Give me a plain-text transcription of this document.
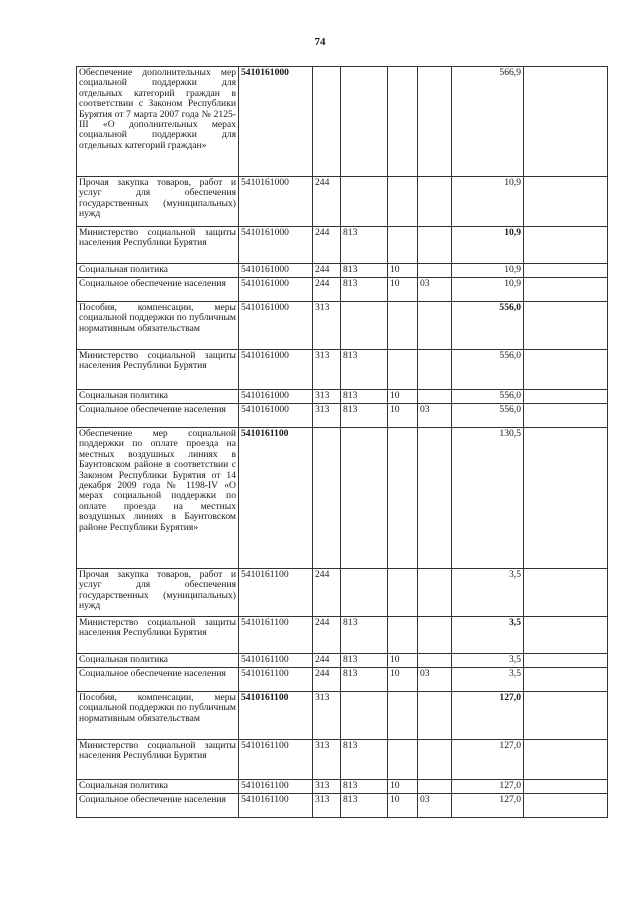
74
Обеспечение дополнительных мер социальной поддержки для отдельных категорий граждан в соответствии с Законом Республики Бурятия от 7 марта 2007 года № 2125-III «О дополнительных мерах социальной поддержки для отдельных категорий граждан»	5410161000					566,9	
Прочая закупка товаров, работ и услуг для обеспечения государственных (муниципальных) нужд	5410161000	244				10,9	
Министерство социальной защиты населения Республики Бурятия	5410161000	244	813			10,9	
Социальная политика	5410161000	244	813	10		10,9	
Социальное обеспечение населения	5410161000	244	813	10	03	10,9	
Пособия, компенсации, меры социальной поддержки по публичным нормативным обязательствам	5410161000	313				556,0	
Министерство социальной защиты населения Республики Бурятия	5410161000	313	813			556,0	
Социальная политика	5410161000	313	813	10		556,0	
Социальное обеспечение населения	5410161000	313	813	10	03	556,0	
Обеспечение мер социальной поддержки по оплате проезда на местных воздушных линиях в Баунтовском районе в соответствии с Законом Республики Бурятия от 14 декабря 2009 года № 1198-IV «О мерах социальной поддержки по оплате проезда на местных воздушных линиях в Баунтовском районе Республики Бурятия»	5410161100					130,5	
Прочая закупка товаров, работ и услуг для обеспечения государственных (муниципальных) нужд	5410161100	244				3,5	
Министерство социальной защиты населения Республики Бурятия	5410161100	244	813			3,5	
Социальная политика	5410161100	244	813	10		3,5	
Социальное обеспечение населения	5410161100	244	813	10	03	3,5	
Пособия, компенсации, меры социальной поддержки по публичным нормативным обязательствам	5410161100	313				127,0	
Министерство социальной защиты населения Республики Бурятия	5410161100	313	813			127,0	
Социальная политика	5410161100	313	813	10		127,0	
Социальное обеспечение населения	5410161100	313	813	10	03	127,0	
